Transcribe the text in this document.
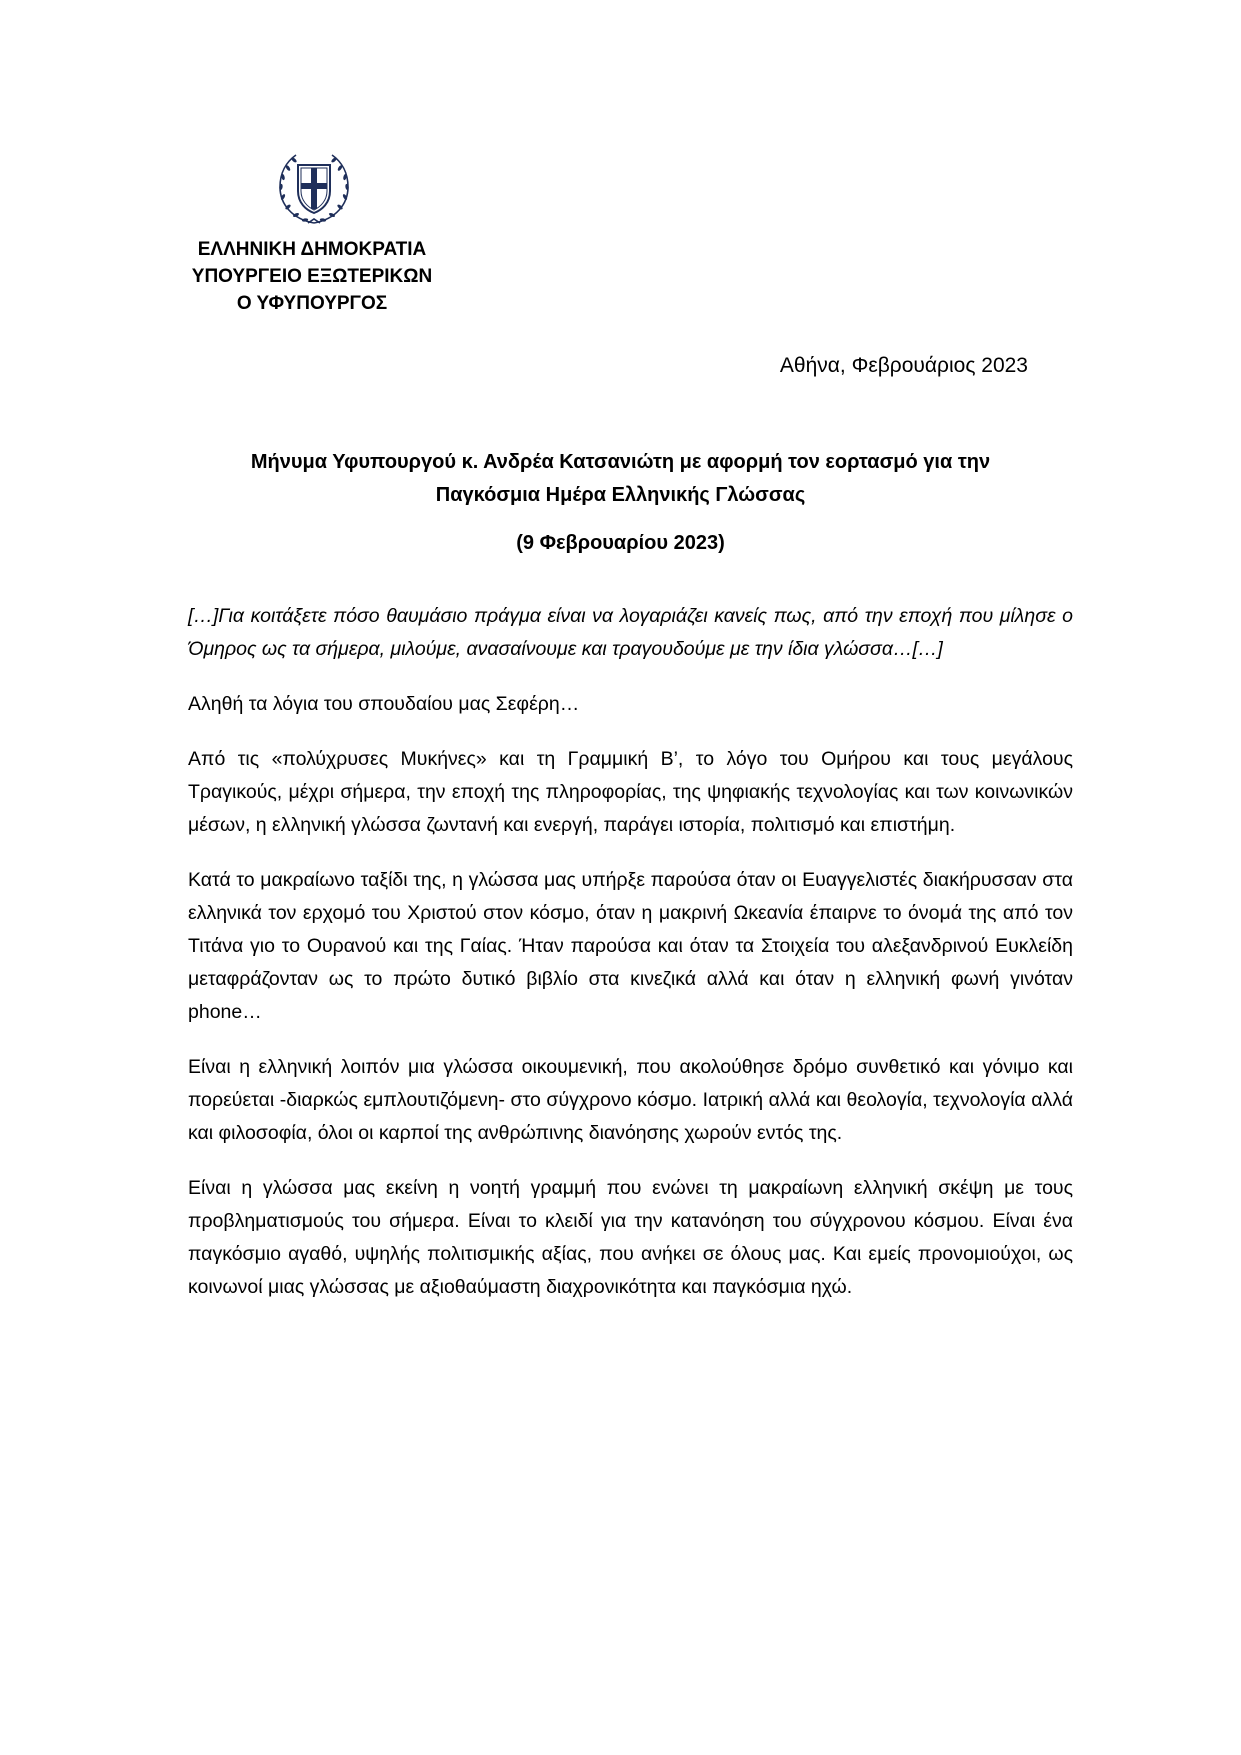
ΕΛΛΗΝΙΚΗ ΔΗΜΟΚΡΑΤΙΑ
ΥΠΟΥΡΓΕΙΟ ΕΞΩΤΕΡΙΚΩΝ
Ο ΥΦΥΠΟΥΡΓΟΣ
Αθήνα, Φεβρουάριος 2023
Μήνυμα Υφυπουργού κ. Ανδρέα Κατσανιώτη με αφορμή τον εορτασμό για την
Παγκόσμια Ημέρα Ελληνικής Γλώσσας
(9 Φεβρουαρίου 2023)

[…]Για κοιτάξετε πόσο θαυμάσιο πράγμα είναι να λογαριάζει κανείς πως, από την εποχή που μίλησε ο Όμηρος ως τα σήμερα, μιλούμε, ανασαίνουμε και τραγουδούμε με την ίδια γλώσσα…[…]

Αληθή τα λόγια του σπουδαίου μας Σεφέρη…

Από τις «πολύχρυσες Μυκήνες» και τη Γραμμική Β’, το λόγο του Ομήρου και τους μεγάλους Τραγικούς, μέχρι σήμερα, την εποχή της πληροφορίας, της ψηφιακής τεχνολογίας και των κοινωνικών μέσων, η ελληνική γλώσσα ζωντανή και ενεργή, παράγει ιστορία, πολιτισμό και επιστήμη.

Κατά το μακραίωνο ταξίδι της, η γλώσσα μας υπήρξε παρούσα όταν οι Ευαγγελιστές διακήρυσσαν στα ελληνικά τον ερχομό του Χριστού στον κόσμο, όταν η μακρινή Ωκεανία έπαιρνε το όνομά της από τον Τιτάνα γιο το Ουρανού και της Γαίας. Ήταν παρούσα και όταν τα Στοιχεία του αλεξανδρινού Ευκλείδη μεταφράζονταν ως το πρώτο δυτικό βιβλίο στα κινεζικά αλλά και όταν η ελληνική φωνή γινόταν phone…

Είναι η ελληνική λοιπόν μια γλώσσα οικουμενική, που ακολούθησε δρόμο συνθετικό και γόνιμο και πορεύεται -διαρκώς εμπλουτιζόμενη- στο σύγχρονο κόσμο. Ιατρική αλλά και θεολογία, τεχνολογία αλλά και φιλοσοφία, όλοι οι καρποί της ανθρώπινης διανόησης χωρούν εντός της.

Είναι η γλώσσα μας εκείνη η νοητή γραμμή που ενώνει τη μακραίωνη ελληνική σκέψη με τους προβληματισμούς του σήμερα. Είναι το κλειδί για την κατανόηση του σύγχρονου κόσμου. Είναι ένα παγκόσμιο αγαθό, υψηλής πολιτισμικής αξίας, που ανήκει σε όλους μας. Και εμείς προνομιούχοι, ως κοινωνοί μιας γλώσσας με αξιοθαύμαστη διαχρονικότητα και παγκόσμια ηχώ.
